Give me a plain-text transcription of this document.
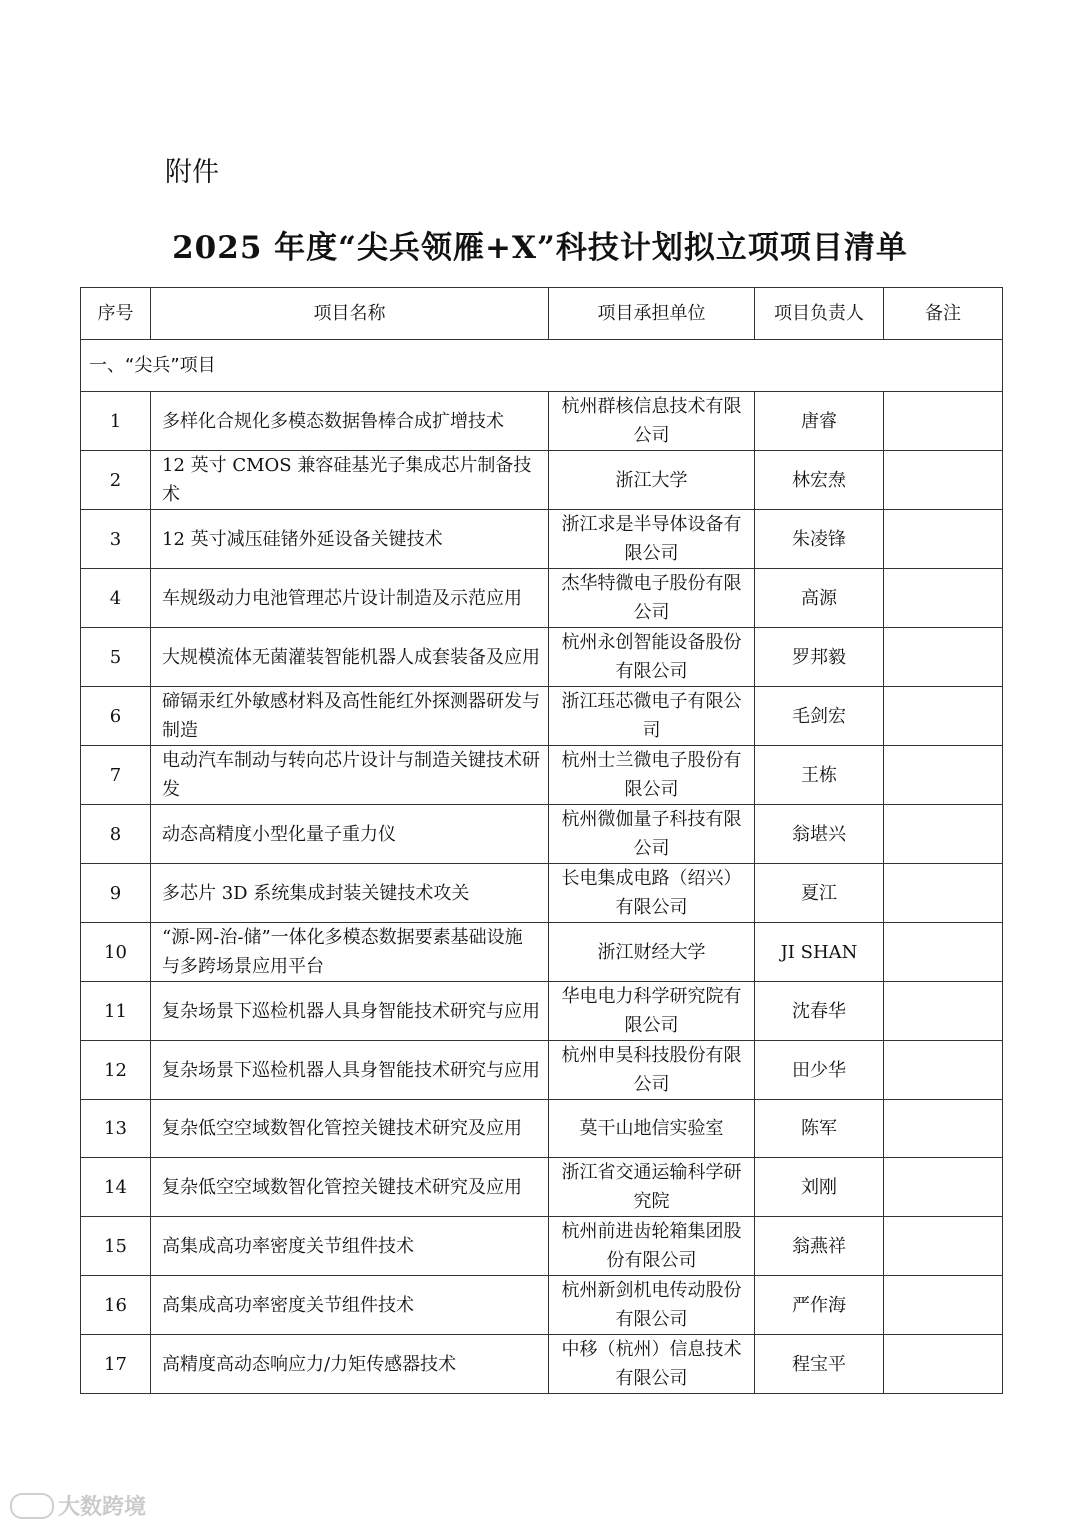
附件
2025 年度“尖兵领雁+X”科技计划拟立项项目清单
序号	项目名称	项目承担单位	项目负责人	备注
一、“尖兵”项目				
1	多样化合规化多模态数据鲁棒合成扩增技术	杭州群核信息技术有限公司	唐睿	
2	12 英寸 CMOS 兼容硅基光子集成芯片制备技术	浙江大学	林宏焘	
3	12 英寸减压硅锗外延设备关键技术	浙江求是半导体设备有限公司	朱凌锋	
4	车规级动力电池管理芯片设计制造及示范应用	杰华特微电子股份有限公司	高源	
5	大规模流体无菌灌装智能机器人成套装备及应用	杭州永创智能设备股份有限公司	罗邦毅	
6	碲镉汞红外敏感材料及高性能红外探测器研发与制造	浙江珏芯微电子有限公司	毛剑宏	
7	电动汽车制动与转向芯片设计与制造关键技术研发	杭州士兰微电子股份有限公司	王栋	
8	动态高精度小型化量子重力仪	杭州微伽量子科技有限公司	翁堪兴	
9	多芯片 3D 系统集成封装关键技术攻关	长电集成电路（绍兴）有限公司	夏江	
10	“源-网-治-储”一体化多模态数据要素基础设施与多跨场景应用平台	浙江财经大学	JI SHAN	
11	复杂场景下巡检机器人具身智能技术研究与应用	华电电力科学研究院有限公司	沈春华	
12	复杂场景下巡检机器人具身智能技术研究与应用	杭州申昊科技股份有限公司	田少华	
13	复杂低空空域数智化管控关键技术研究及应用	莫干山地信实验室	陈军	
14	复杂低空空域数智化管控关键技术研究及应用	浙江省交通运输科学研究院	刘刚	
15	高集成高功率密度关节组件技术	杭州前进齿轮箱集团股份有限公司	翁燕祥	
16	高集成高功率密度关节组件技术	杭州新剑机电传动股份有限公司	严作海	
17	高精度高动态响应力/力矩传感器技术	中移（杭州）信息技术有限公司	程宝平	
大数跨境
